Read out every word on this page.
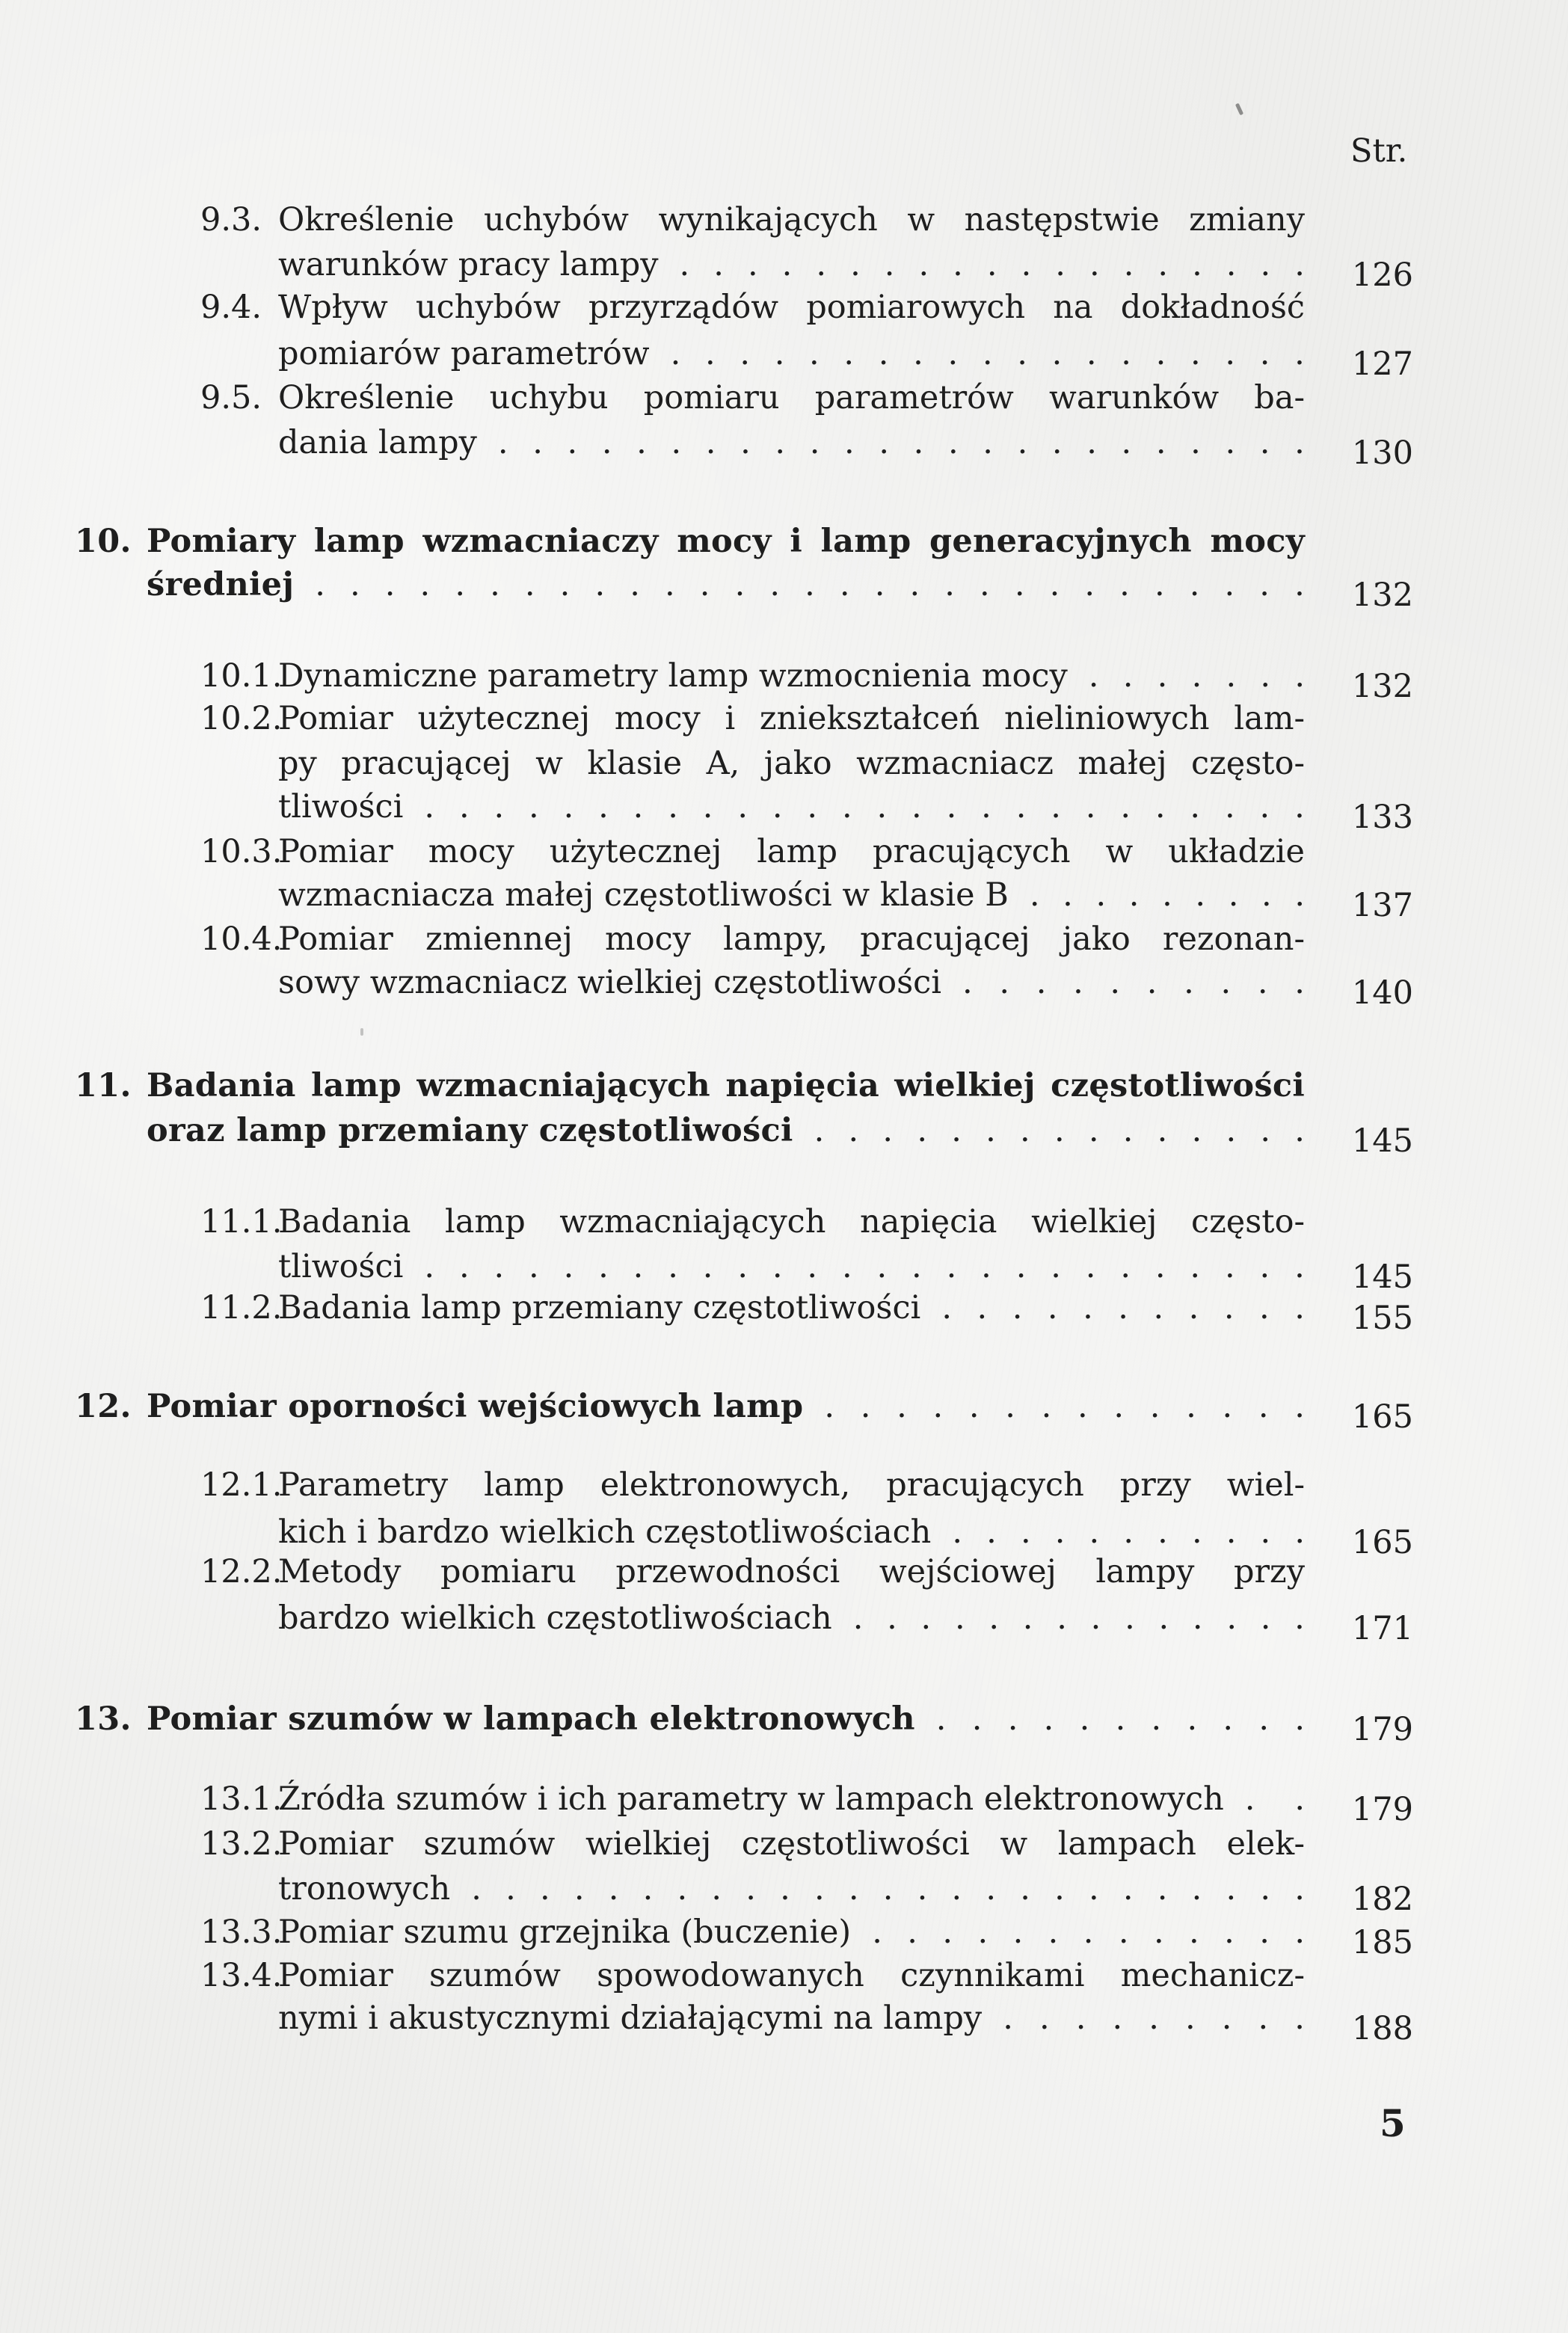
Str.
9.3. Określenie uchybów wynikających w następstwie zmiany
warunków pracy lampy . . . . . . . . . . . . . . . . . . .	126
9.4. Wpływ uchybów przyrządów pomiarowych na dokładność
pomiarów parametrów . . . . . . . . . . . . . . . . . . .	127
9.5. Określenie uchybu pomiaru parametrów warunków ba-
dania lampy . . . . . . . . . . . . . . . . . . . . . . . .	130
10. Pomiary lamp wzmacniaczy mocy i lamp generacyjnych mocy
średniej . . . . . . . . . . . . . . . . . . . . . . . . . . . . .	132
10.1.
Dynamiczne parametry lamp wzmocnienia mocy . . . . . . .	132
10.2.
Pomiar użytecznej mocy i zniekształceń nieliniowych lam-
py pracującej w klasie A, jako wzmacniacz małej często-
tliwości . . . . . . . . . . . . . . . . . . . . . . . . . .	133
10.3.
Pomiar mocy użytecznej lamp pracujących w układzie
wzmacniacza małej częstotliwości w klasie B . . . . . . . . .	137
10.4.
Pomiar zmiennej mocy lampy, pracującej jako rezonan-
sowy wzmacniacz wielkiej częstotliwości . . . . . . . . . .	140
11. Badania lamp wzmacniających napięcia wielkiej częstotliwości
oraz lamp przemiany częstotliwości . . . . . . . . . . . . . . .	145
11.1.
Badania lamp wzmacniających napięcia wielkiej często-
tliwości . . . . . . . . . . . . . . . . . . . . . . . . . .	145
11.2.
Badania lamp przemiany częstotliwości . . . . . . . . . . .	155
12. Pomiar oporności wejściowych lamp . . . . . . . . . . . . . .	165
12.1.
Parametry lamp elektronowych, pracujących przy wiel-
kich i bardzo wielkich częstotliwościach . . . . . . . . . . .	165
12.2.
Metody pomiaru przewodności wejściowej lampy przy
bardzo wielkich częstotliwościach . . . . . . . . . . . . . .	171
13. Pomiar szumów w lampach elektronowych . . . . . . . . . . .	179
13.1.
Źródła szumów i ich parametry w lampach elektronowych . .	179
13.2.
Pomiar szumów wielkiej częstotliwości w lampach elek-
tronowych . . . . . . . . . . . . . . . . . . . . . . . . .	182
13.3.
Pomiar szumu grzejnika (buczenie) . . . . . . . . . . . . .	185
13.4.
Pomiar szumów spowodowanych czynnikami mechanicz-
nymi i akustycznymi działającymi na lampy . . . . . . . . .	188
5
